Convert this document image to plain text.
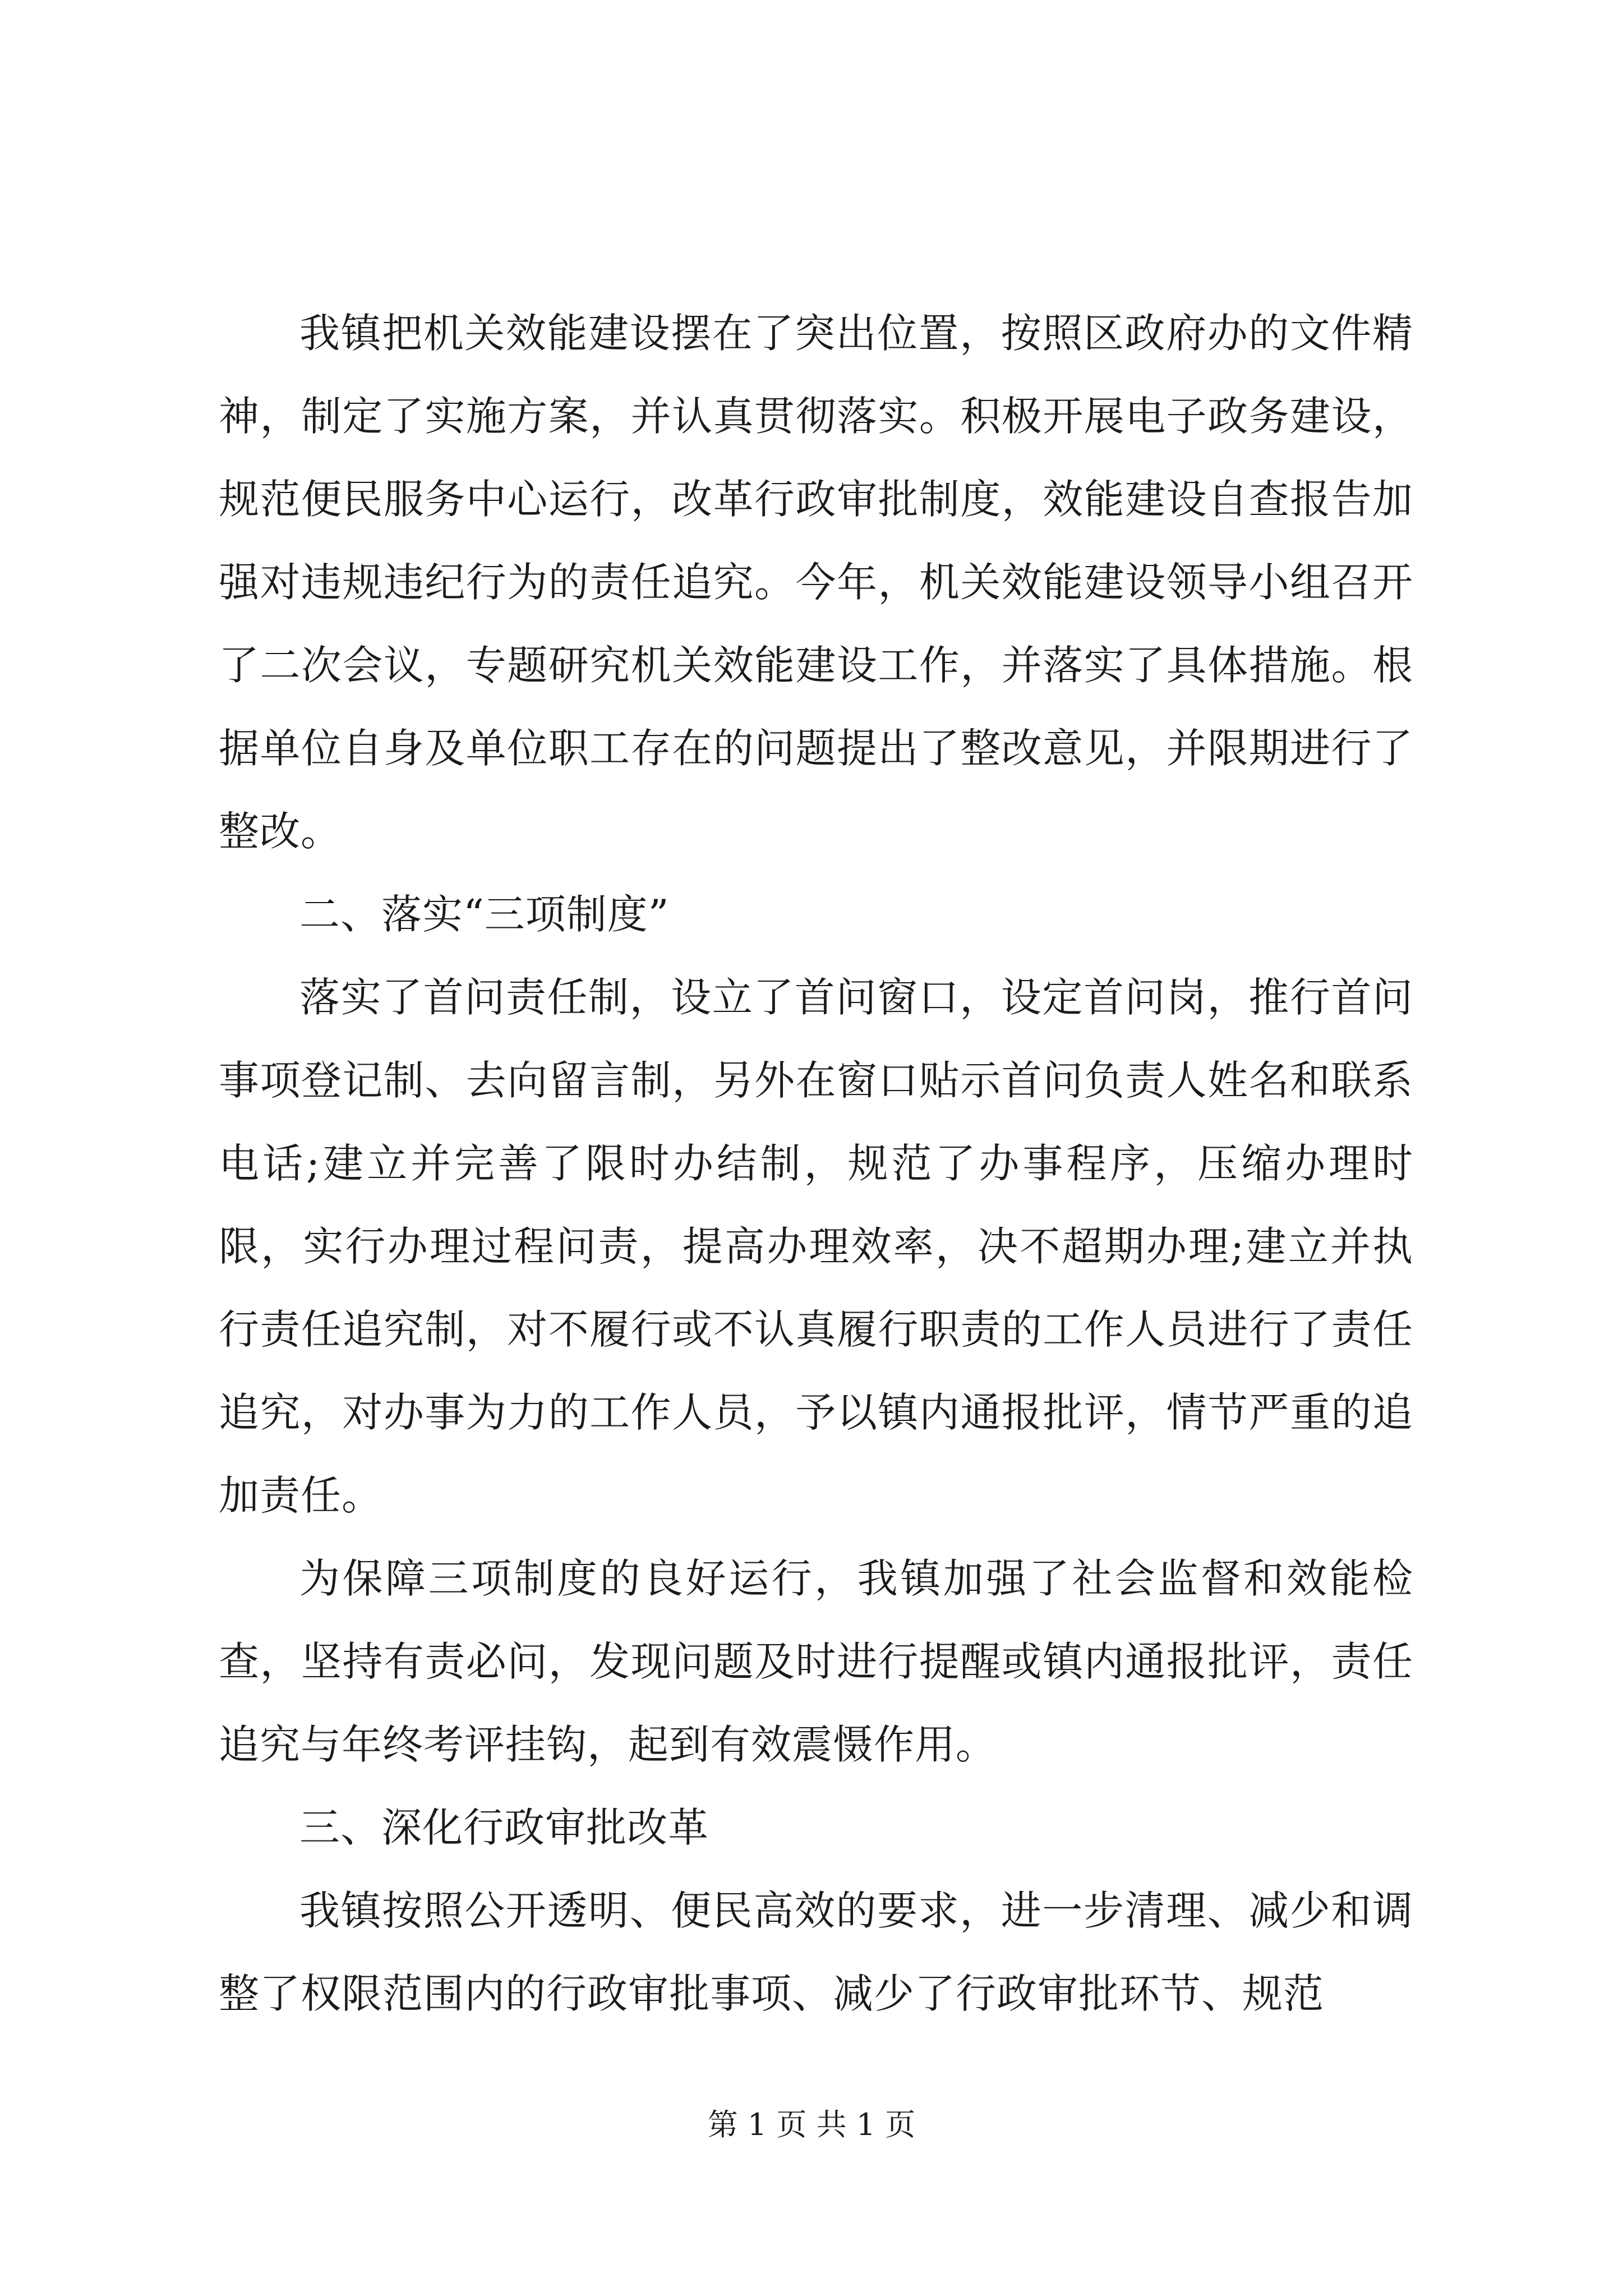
我镇把机关效能建设摆在了突出位置，按照区政府办的文件精神，制定了实施方案，并认真贯彻落实。积极开展电子政务建设，规范便民服务中心运行，改革行政审批制度，效能建设自查报告加强对违规违纪行为的责任追究。今年，机关效能建设领导小组召开了二次会议，专题研究机关效能建设工作，并落实了具体措施。根据单位自身及单位职工存在的问题提出了整改意见，并限期进行了整改。

二、落实“三项制度”

落实了首问责任制，设立了首问窗口，设定首问岗，推行首问事项登记制、去向留言制，另外在窗口贴示首问负责人姓名和联系电话;建立并完善了限时办结制，规范了办事程序，压缩办理时限，实行办理过程问责，提高办理效率，决不超期办理;建立并执行责任追究制，对不履行或不认真履行职责的工作人员进行了责任追究，对办事为力的工作人员，予以镇内通报批评，情节严重的追加责任。

为保障三项制度的良好运行，我镇加强了社会监督和效能检查，坚持有责必问，发现问题及时进行提醒或镇内通报批评，责任追究与年终考评挂钩，起到有效震慑作用。

三、深化行政审批改革

我镇按照公开透明、便民高效的要求，进一步清理、减少和调整了权限范围内的行政审批事项、减少了行政审批环节、规范

第 1 页 共 1 页
